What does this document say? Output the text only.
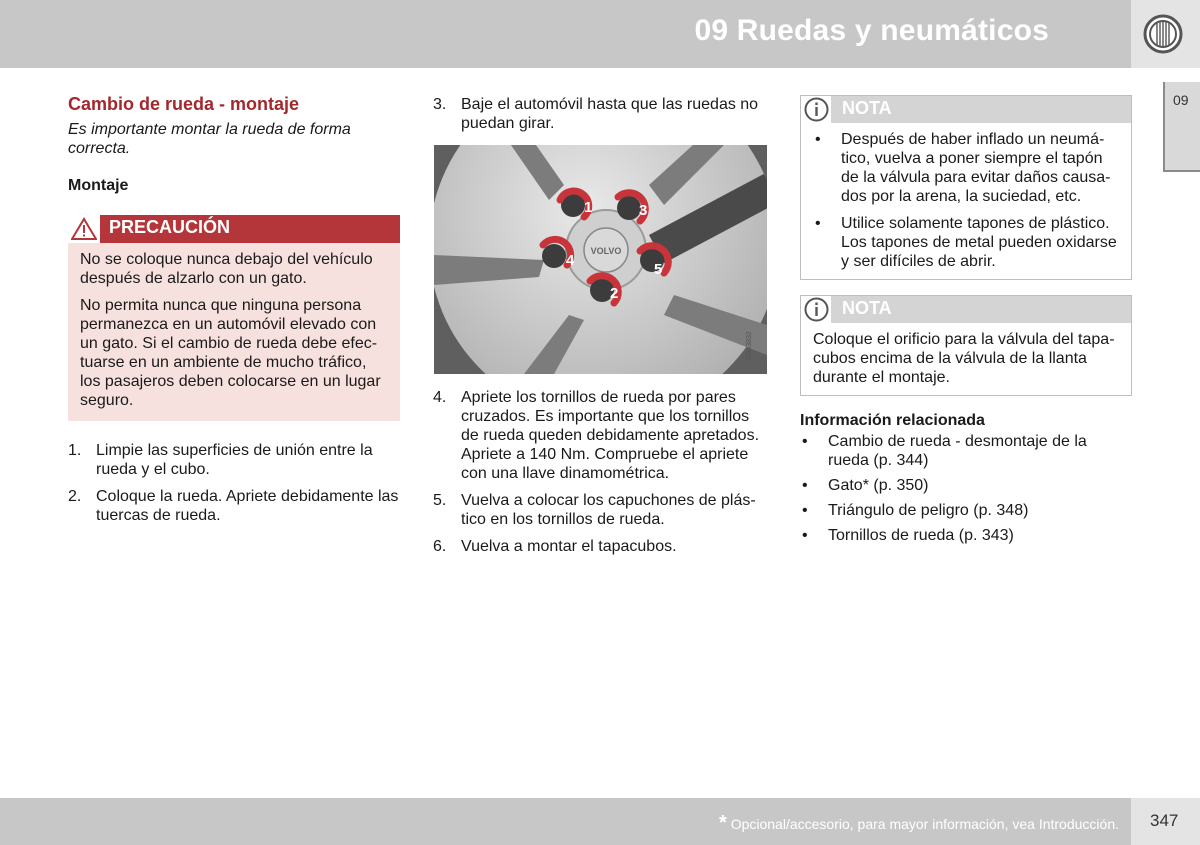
09 Ruedas y neumáticos
09
Cambio de rueda - montaje
Es importante montar la rueda de forma correcta.
Montaje
PRECAUCIÓN

No se coloque nunca debajo del vehículo después de alzarlo con un gato.

No permita nunca que ninguna persona permanezca en un automóvil elevado con un gato. Si el cambio de rueda debe efectuarse en un ambiente de mucho tráfico, los pasajeros deben colocarse en un lugar seguro.

1. Limpie las superficies de unión entre la rueda y el cubo.
2. Coloque la rueda. Apriete debidamente las tuercas de rueda.
3. Baje el automóvil hasta que las ruedas no puedan girar.
VOLVO
1
2
3
4
5
G043832
4. Apriete los tornillos de rueda por pares cruzados. Es importante que los tornillos de rueda queden debidamente apretados. Apriete a 140 Nm. Compruebe el apriete con una llave dinamométrica.
5. Vuelva a colocar los capuchones de plástico en los tornillos de rueda.
6. Vuelva a montar el tapacubos.
NOTA
• Después de haber inflado un neumático, vuelva a poner siempre el tapón de la válvula para evitar daños causados por la arena, la suciedad, etc.
• Utilice solamente tapones de plástico. Los tapones de metal pueden oxidarse y ser difíciles de abrir.
NOTA
Coloque el orificio para la válvula del tapacubos encima de la válvula de la llanta durante el montaje.
Información relacionada
• Cambio de rueda - desmontaje de la rueda (p. 344)
• Gato* (p. 350)
• Triángulo de peligro (p. 348)
• Tornillos de rueda (p. 343)
* Opcional/accesorio, para mayor información, vea Introducción. 347
